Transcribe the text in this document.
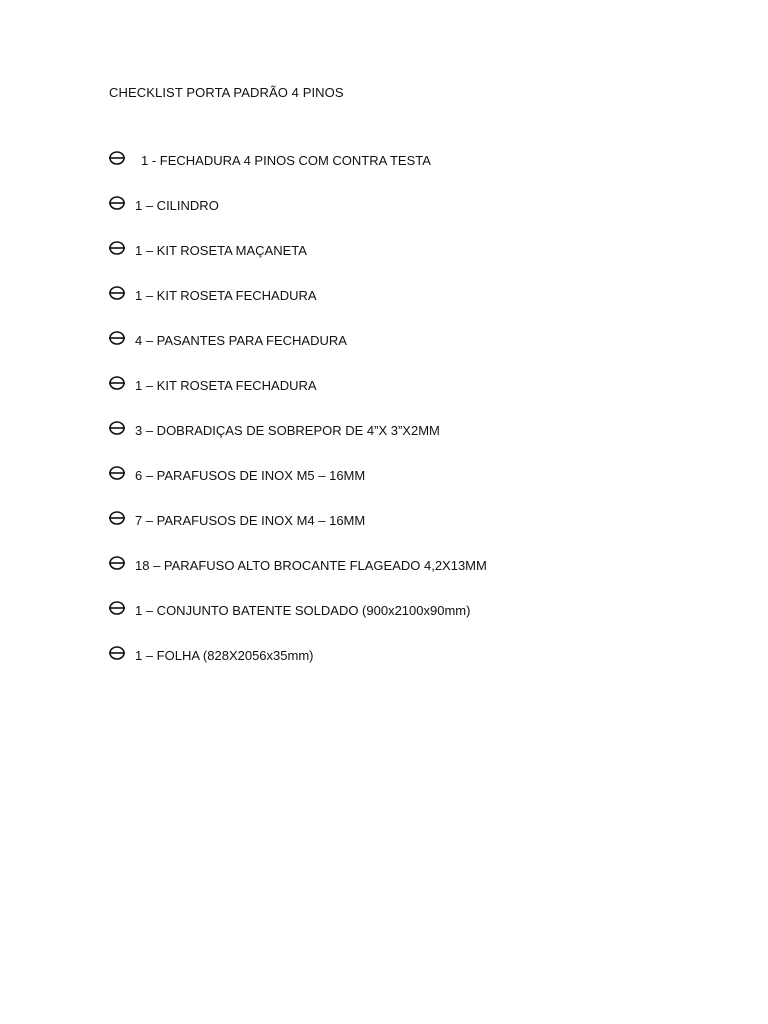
CHECKLIST PORTA PADRÃO 4 PINOS
1 - FECHADURA 4 PINOS COM CONTRA TESTA
1 – CILINDRO
1 – KIT ROSETA MAÇANETA
1 – KIT ROSETA FECHADURA
4 – PASANTES PARA FECHADURA
1 – KIT ROSETA FECHADURA
3 – DOBRADIÇAS DE SOBREPOR DE 4”X 3”X2MM
6 – PARAFUSOS DE INOX M5 – 16MM
7 – PARAFUSOS DE INOX M4 – 16MM
18 – PARAFUSO ALTO BROCANTE FLAGEADO 4,2X13MM
1 – CONJUNTO BATENTE SOLDADO (900x2100x90mm)
1 – FOLHA (828X2056x35mm)
